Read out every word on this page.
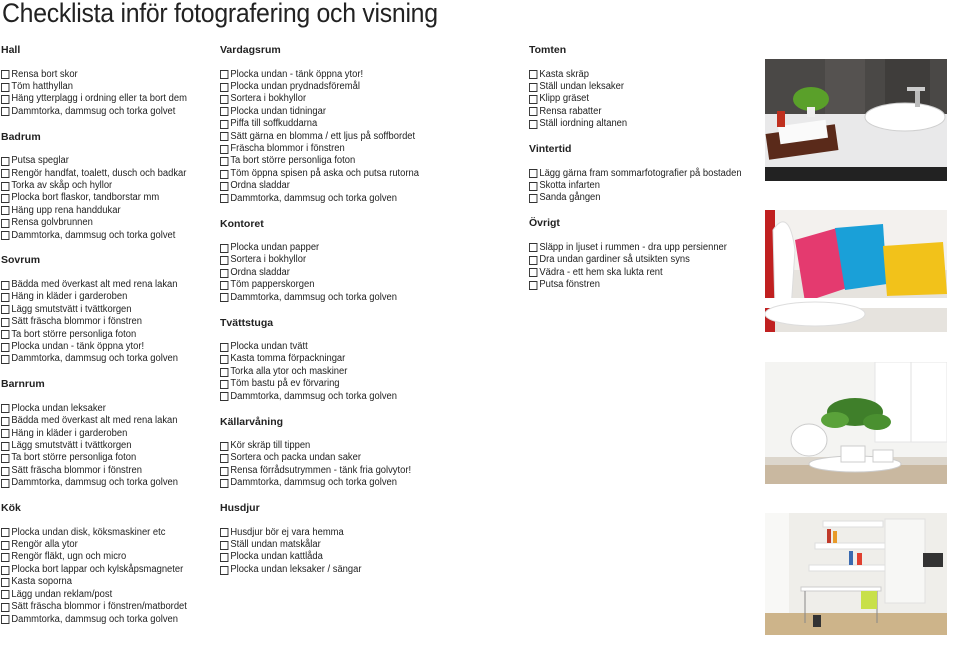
Checklista inför fotografering och visning
Hall
Rensa bort skor
Töm hatthyllan
Häng ytterplagg i ordning eller ta bort dem
Dammtorka, dammsug och torka golvet
Badrum
Putsa speglar
Rengör handfat, toalett, dusch och badkar
Torka av skåp och hyllor
Plocka bort flaskor, tandborstar mm
Häng upp rena handdukar
Rensa golvbrunnen
Dammtorka, dammsug och torka golvet
Sovrum
Bädda med överkast alt med rena lakan
Häng in kläder i garderoben
Lägg smutstvätt i tvättkorgen
Sätt fräscha blommor i fönstren
Ta bort större personliga foton
Plocka undan - tänk öppna ytor!
Dammtorka, dammsug och torka golven
Barnrum
Plocka undan leksaker
Bädda med överkast alt med rena lakan
Häng in kläder i garderoben
Lägg smutstvätt i tvättkorgen
Ta bort större personliga foton
Sätt fräscha blommor i fönstren
Dammtorka, dammsug och torka golven
Kök
Plocka undan disk, köksmaskiner etc
Rengör alla ytor
Rengör fläkt, ugn och micro
Plocka bort lappar och kylskåpsmagneter
Kasta soporna
Lägg undan reklam/post
Sätt fräscha blommor i fönstren/matbordet
Dammtorka, dammsug och torka golven
Vardagsrum
Plocka undan - tänk öppna ytor!
Plocka undan prydnadsföremål
Sortera i bokhyllor
Plocka undan tidningar
Piffa till soffkuddarna
Sätt gärna en blomma / ett ljus på soffbordet
Fräscha blommor i fönstren
Ta bort större personliga foton
Töm öppna spisen på aska och putsa rutorna
Ordna sladdar
Dammtorka, dammsug och torka golven
Kontoret
Plocka undan papper
Sortera i bokhyllor
Ordna sladdar
Töm papperskorgen
Dammtorka, dammsug och torka golven
Tvättstuga
Plocka undan tvätt
Kasta tomma förpackningar
Torka alla ytor och maskiner
Töm bastu på ev förvaring
Dammtorka, dammsug och torka golven
Källarvåning
Kör skräp till tippen
Sortera och packa undan saker
Rensa förrådsutrymmen - tänk fria golvytor!
Dammtorka, dammsug och torka golven
Husdjur
Husdjur bör ej vara hemma
Ställ undan matskålar
Plocka undan kattlåda
Plocka undan leksaker / sängar
Tomten
Kasta skräp
Ställ undan leksaker
Klipp gräset
Rensa rabatter
Ställ iordning altanen
Vintertid
Lägg gärna fram sommarfotografier på bostaden
Skotta infarten
Sanda gången
Övrigt
Släpp in ljuset i rummen - dra upp persienner
Dra undan gardiner så utsikten syns
Vädra - ett hem ska lukta rent
Putsa fönstren
